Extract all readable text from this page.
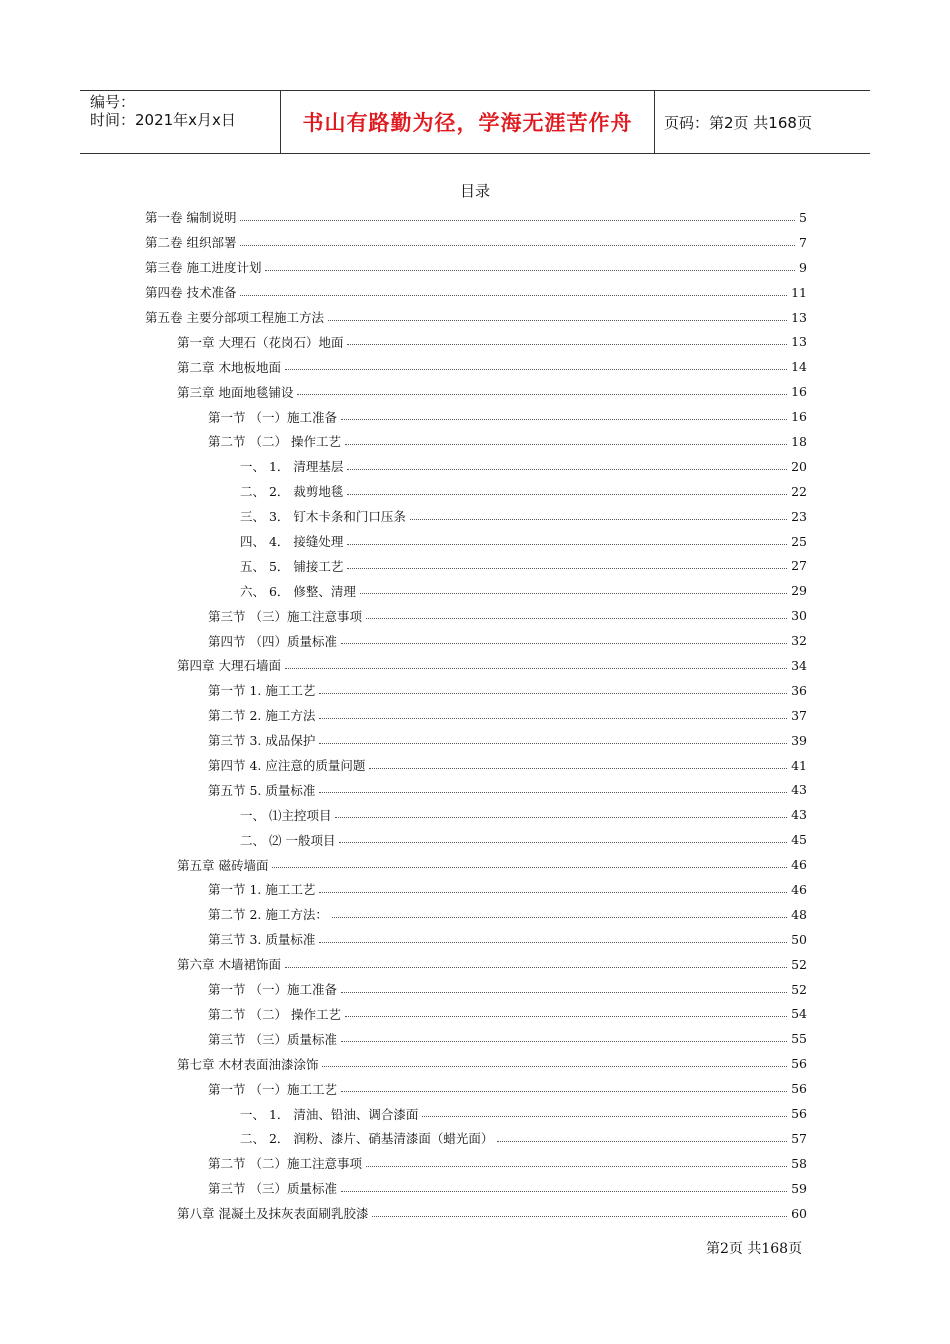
编号：
时间：2021年x月x日	书山有路勤为径，学海无涯苦作舟	页码：第2页 共168页
目录
第一卷 编制说明	5
第二卷 组织部署	7
第三卷 施工进度计划	9
第四卷 技术准备	11
第五卷 主要分部项工程施工方法	13
第一章 大理石（花岗石）地面	13
第二章 木地板地面	14
第三章 地面地毯铺设	16
第一节 （一）施工准备	16
第二节 （二） 操作工艺	18
一、 1． 清理基层	20
二、 2． 裁剪地毯	22
三、 3． 钉木卡条和门口压条	23
四、 4． 接缝处理	25
五、 5． 铺接工艺	27
六、 6． 修整、清理	29
第三节 （三）施工注意事项	30
第四节 （四）质量标准	32
第四章 大理石墙面	34
第一节 1. 施工工艺	36
第二节 2. 施工方法	37
第三节 3. 成品保护	39
第四节 4. 应注意的质量问题	41
第五节 5. 质量标准	43
一、 ⑴主控项目	43
二、 ⑵ 一般项目	45
第五章 磁砖墙面	46
第一节 1. 施工工艺	46
第二节 2. 施工方法：	48
第三节 3. 质量标准	50
第六章 木墙裙饰面	52
第一节 （一）施工准备	52
第二节 （二） 操作工艺	54
第三节 （三）质量标准	55
第七章 木材表面油漆涂饰	56
第一节 （一）施工工艺	56
一、 1． 清油、铅油、调合漆面	56
二、 2． 润粉、漆片、硝基清漆面（蜡光面）	57
第二节 （二）施工注意事项	58
第三节 （三）质量标准	59
第八章 混凝土及抹灰表面刷乳胶漆	60
第2页 共168页
